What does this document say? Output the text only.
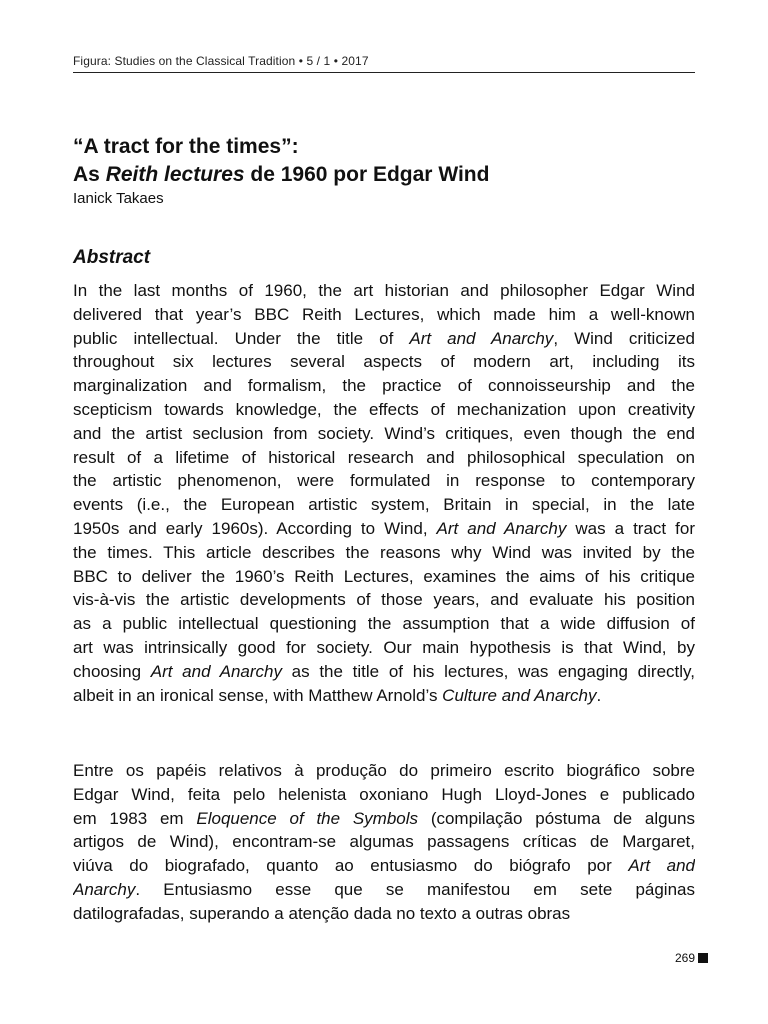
Figura: Studies on the Classical Tradition • 5 / 1 • 2017

“A tract for the times”:

As Reith lectures de 1960 por Edgar Wind

Ianick Takaes

Abstract
In the last months of 1960, the art historian and philosopher Edgar Wind
delivered that year’s BBC Reith Lectures, which made him a well-known
public intellectual. Under the title of Art and Anarchy, Wind criticized
throughout six lectures several aspects of modern art, including its
marginalization and formalism, the practice of connoisseurship and the
scepticism towards knowledge, the effects of mechanization upon creativity
and the artist seclusion from society. Wind’s critiques, even though the end
result of a lifetime of historical research and philosophical speculation on
the artistic phenomenon, were formulated in response to contemporary
events (i.e., the European artistic system, Britain in special, in the late
1950s and early 1960s). According to Wind, Art and Anarchy was a tract for
the times. This article describes the reasons why Wind was invited by the
BBC to deliver the 1960’s Reith Lectures, examines the aims of his critique
vis-à-vis the artistic developments of those years, and evaluate his position
as a public intellectual questioning the assumption that a wide diffusion of
art was intrinsically good for society. Our main hypothesis is that Wind, by
choosing Art and Anarchy as the title of his lectures, was engaging directly,
albeit in an ironical sense, with Matthew Arnold’s Culture and Anarchy.
Entre os papéis relativos à produção do primeiro escrito biográfico sobre
Edgar Wind, feita pelo helenista oxoniano Hugh Lloyd-Jones e publicado
em 1983 em Eloquence of the Symbols (compilação póstuma de alguns
artigos de Wind), encontram-se algumas passagens críticas de Margaret,
viúva do biografado, quanto ao entusiasmo do biógrafo por Art and
Anarchy. Entusiasmo esse que se manifestou em sete páginas
datilografadas, superando a atenção dada no texto a outras obras
269
